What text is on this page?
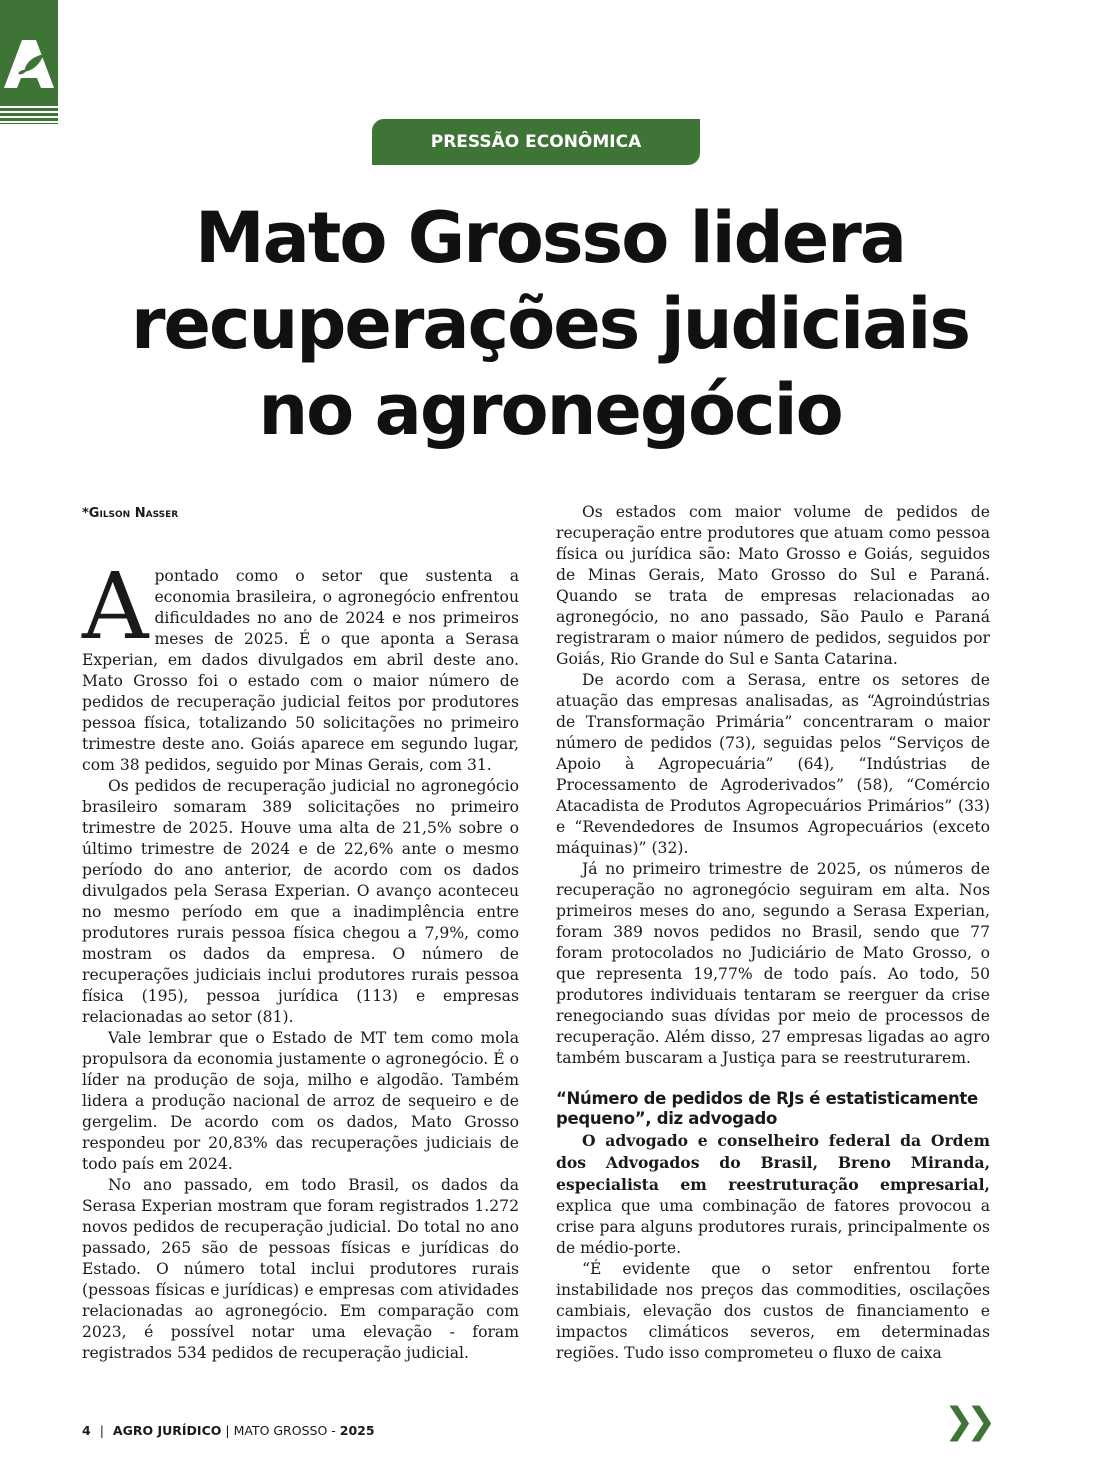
PRESSÃO ECONÔMICA
Mato Grosso lidera
recuperações judiciais
no agronegócio
*Gilson Nasser

Apontado como o setor que sustenta a economia brasileira, o agronegócio enfrentou dificuldades no ano de 2024 e nos primeiros meses de 2025. É o que aponta a Serasa Experian, em dados divulgados em abril deste ano. Mato Grosso foi o estado com o maior número de pedidos de recuperação judicial feitos por produtores pessoa física, totalizando 50 solicitações no primeiro trimestre deste ano. Goiás aparece em segundo lugar, com 38 pedidos, seguido por Minas Gerais, com 31.

Os pedidos de recuperação judicial no agronegócio brasileiro somaram 389 solicitações no primeiro trimestre de 2025. Houve uma alta de 21,5% sobre o último trimestre de 2024 e de 22,6% ante o mesmo período do ano anterior, de acordo com os dados divulgados pela Serasa Experian. O avanço aconteceu no mesmo período em que a inadimplência entre produtores rurais pessoa física chegou a 7,9%, como mostram os dados da empresa. O número de recuperações judiciais inclui produtores rurais pessoa física (195), pessoa jurídica (113) e empresas relacionadas ao setor (81).

Vale lembrar que o Estado de MT tem como mola propulsora da economia justamente o agronegócio. É o líder na produção de soja, milho e algodão. Também lidera a produção nacional de arroz de sequeiro e de gergelim. De acordo com os dados, Mato Grosso respondeu por 20,83% das recuperações judiciais de todo país em 2024.

No ano passado, em todo Brasil, os dados da Serasa Experian mostram que foram registrados 1.272 novos pedidos de recuperação judicial. Do total no ano passado, 265 são de pessoas físicas e jurídicas do Estado. O número total inclui produtores rurais (pessoas físicas e jurídicas) e empresas com atividades relacionadas ao agronegócio. Em comparação com 2023, é possível notar uma elevação - foram registrados 534 pedidos de recuperação judicial.

Os estados com maior volume de pedidos de recuperação entre produtores que atuam como pessoa física ou jurídica são: Mato Grosso e Goiás, seguidos de Minas Gerais, Mato Grosso do Sul e Paraná. Quando se trata de empresas relacionadas ao agronegócio, no ano passado, São Paulo e Paraná registraram o maior número de pedidos, seguidos por Goiás, Rio Grande do Sul e Santa Catarina.

De acordo com a Serasa, entre os setores de atuação das empresas analisadas, as “Agroindústrias de Transformação Primária” concentraram o maior número de pedidos (73), seguidas pelos “Serviços de Apoio à Agropecuária” (64), “Indústrias de Processamento de Agroderivados” (58), “Comércio Atacadista de Produtos Agropecuários Primários” (33) e “Revendedores de Insumos Agropecuários (exceto máquinas)” (32).

Já no primeiro trimestre de 2025, os números de recuperação no agronegócio seguiram em alta. Nos primeiros meses do ano, segundo a Serasa Experian, foram 389 novos pedidos no Brasil, sendo que 77 foram protocolados no Judiciário de Mato Grosso, o que representa 19,77% de todo país. Ao todo, 50 produtores individuais tentaram se reerguer da crise renegociando suas dívidas por meio de processos de recuperação. Além disso, 27 empresas ligadas ao agro também buscaram a Justiça para se reestruturarem.

“Número de pedidos de RJs é estatisticamente pequeno”, diz advogado

O advogado e conselheiro federal da Ordem dos Advogados do Brasil, Breno Miranda, especialista em reestruturação empresarial, explica que uma combinação de fatores provocou a crise para alguns produtores rurais, principalmente os de médio-porte.

“É evidente que o setor enfrentou forte instabilidade nos preços das commodities, oscilações cambiais, elevação dos custos de financiamento e impactos climáticos severos, em determinadas regiões. Tudo isso comprometeu o fluxo de caixa

4 | AGRO JURÍDICO | MATO GROSSO - 2025	❯❯
